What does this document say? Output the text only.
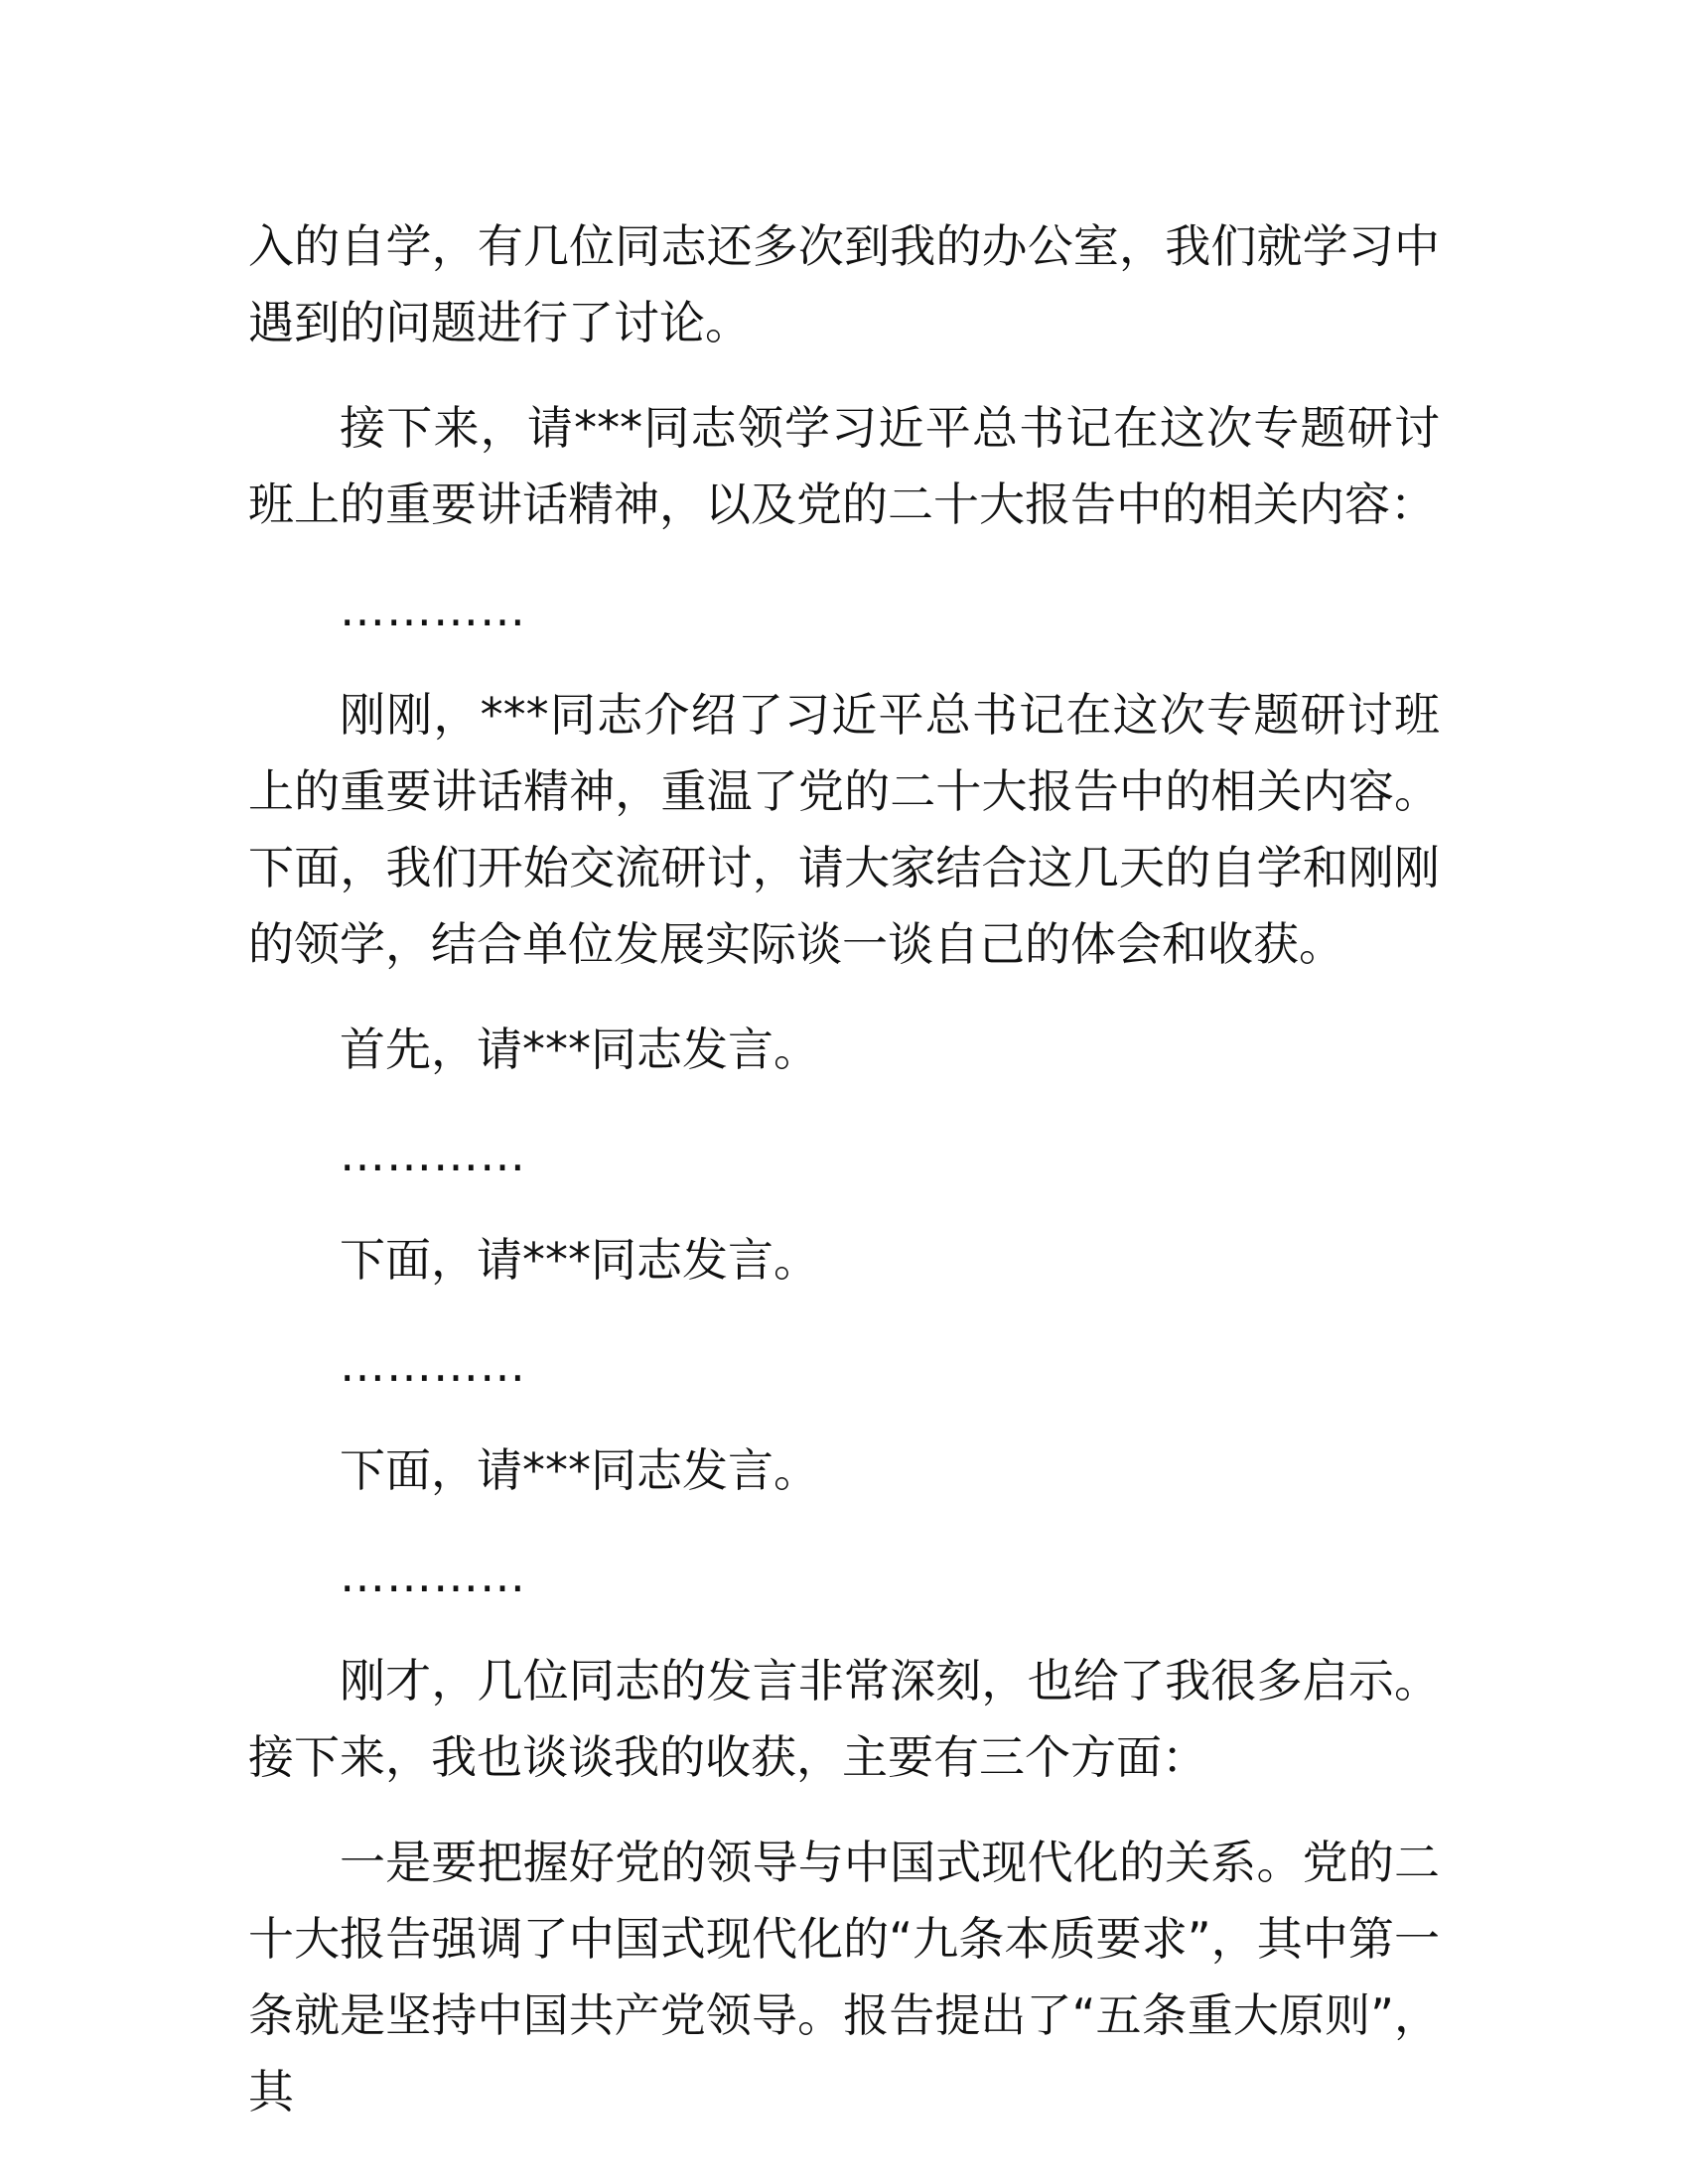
入的自学，有几位同志还多次到我的办公室，我们就学习中遇到的问题进行了讨论。

接下来，请***同志领学习近平总书记在这次专题研讨班上的重要讲话精神，以及党的二十大报告中的相关内容：

…………

刚刚，***同志介绍了习近平总书记在这次专题研讨班上的重要讲话精神，重温了党的二十大报告中的相关内容。下面，我们开始交流研讨，请大家结合这几天的自学和刚刚的领学，结合单位发展实际谈一谈自己的体会和收获。

首先，请***同志发言。

…………

下面，请***同志发言。

…………

下面，请***同志发言。

…………

刚才，几位同志的发言非常深刻，也给了我很多启示。接下来，我也谈谈我的收获，主要有三个方面：

一是要把握好党的领导与中国式现代化的关系。党的二十大报告强调了中国式现代化的“九条本质要求”，其中第一条就是坚持中国共产党领导。报告提出了“五条重大原则”，其
